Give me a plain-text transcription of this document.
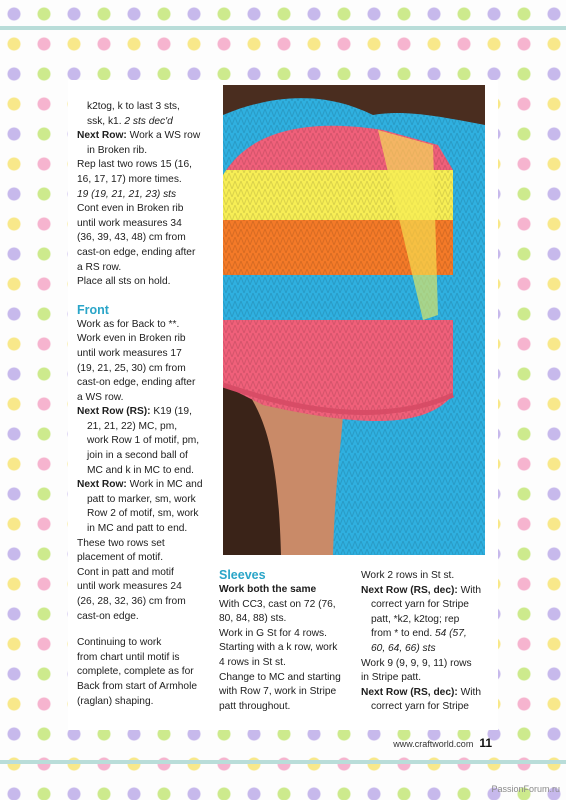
k2tog, k to last 3 sts,

ssk, k1. 2 sts dec'd

Next Row: Work a WS row

in Broken rib.

Rep last two rows 15 (16,

16, 17, 17) more times.

19 (19, 21, 21, 23) sts

Cont even in Broken rib

until work measures 34

(36, 39, 43, 48) cm from

cast-on edge, ending after

a RS row.

Place all sts on hold.

Front

Work as for Back to **.

Work even in Broken rib

until work measures 17

(19, 21, 25, 30) cm from

cast-on edge, ending after

a WS row.

Next Row (RS): K19 (19,

21, 21, 22) MC, pm,

work Row 1 of motif, pm,

join in a second ball of

MC and k in MC to end.

Next Row: Work in MC and

patt to marker, sm, work

Row 2 of motif, sm, work

in MC and patt to end.

These two rows set

placement of motif.

Cont in patt and motif

until work measures 24

(26, 28, 32, 36) cm from

cast-on edge.

Continuing to work

from chart until motif is

complete, complete as for

Back from start of Armhole

(raglan) shaping.

Sleeves

Work both the same

With CC3, cast on 72 (76,

80, 84, 88) sts.

Work in G St for 4 rows.

Starting with a k row, work

4 rows in St st.

Change to MC and starting

with Row 7, work in Stripe

patt throughout.

Work 2 rows in St st.

Next Row (RS, dec): With

correct yarn for Stripe

patt, *k2, k2tog; rep

from * to end. 54 (57,

60, 64, 66) sts

Work 9 (9, 9, 9, 11) rows

in Stripe patt.

Next Row (RS, dec): With

correct yarn for Stripe

www.craftworld.com 11
PassionForum.ru
